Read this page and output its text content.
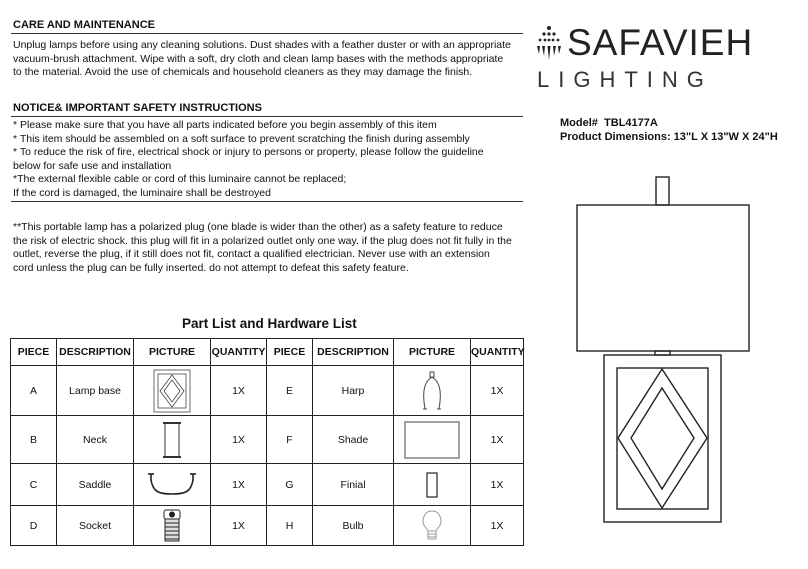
CARE AND MAINTENANCE
Unplug lamps before using any cleaning solutions. Dust shades with a feather duster or with an appropriate
vacuum-brush attachment. Wipe with a soft, dry cloth and clean lamp bases with the methods appropriate
to the material. Avoid the use of chemicals and household cleaners as they may damage the finish.
NOTICE& IMPORTANT SAFETY INSTRUCTIONS
* Please make sure that you have all parts indicated before you begin assembly of this item
* This item should be assembled on a soft surface to prevent scratching the finish during assembly
* To reduce the risk of fire, electrical shock or injury to persons or property, please follow the guideline
below for safe use and installation
*The external flexible cable or cord of this luminaire cannot be replaced;
If the cord is damaged, the luminaire shall be destroyed
**This portable lamp has a polarized plug (one blade is wider than the other) as a safety feature to reduce
the risk of electric shock. this plug will fit in a polarized outlet only one way. if the plug does not fit fully in the
outlet, reverse the plug, if it still does not fit, contact a qualified electrician. Never use with an extension
cord unless the plug can be fully inserted. do not attempt to defeat this safety feature.
SAFAVIEH
LIGHTING
Model# TBL4177A
Product Dimensions: 13"L X 13"W X 24"H
Part List and Hardware List
PIECE	DESCRIPTION	PICTURE	QUANTITY	PIECE	DESCRIPTION	PICTURE	QUANTITY
A	Lamp base		1X	E	Harp		1X
B	Neck		1X	F	Shade		1X
C	Saddle		1X	G	Finial		1X
D	Socket		1X	H	Bulb		1X
